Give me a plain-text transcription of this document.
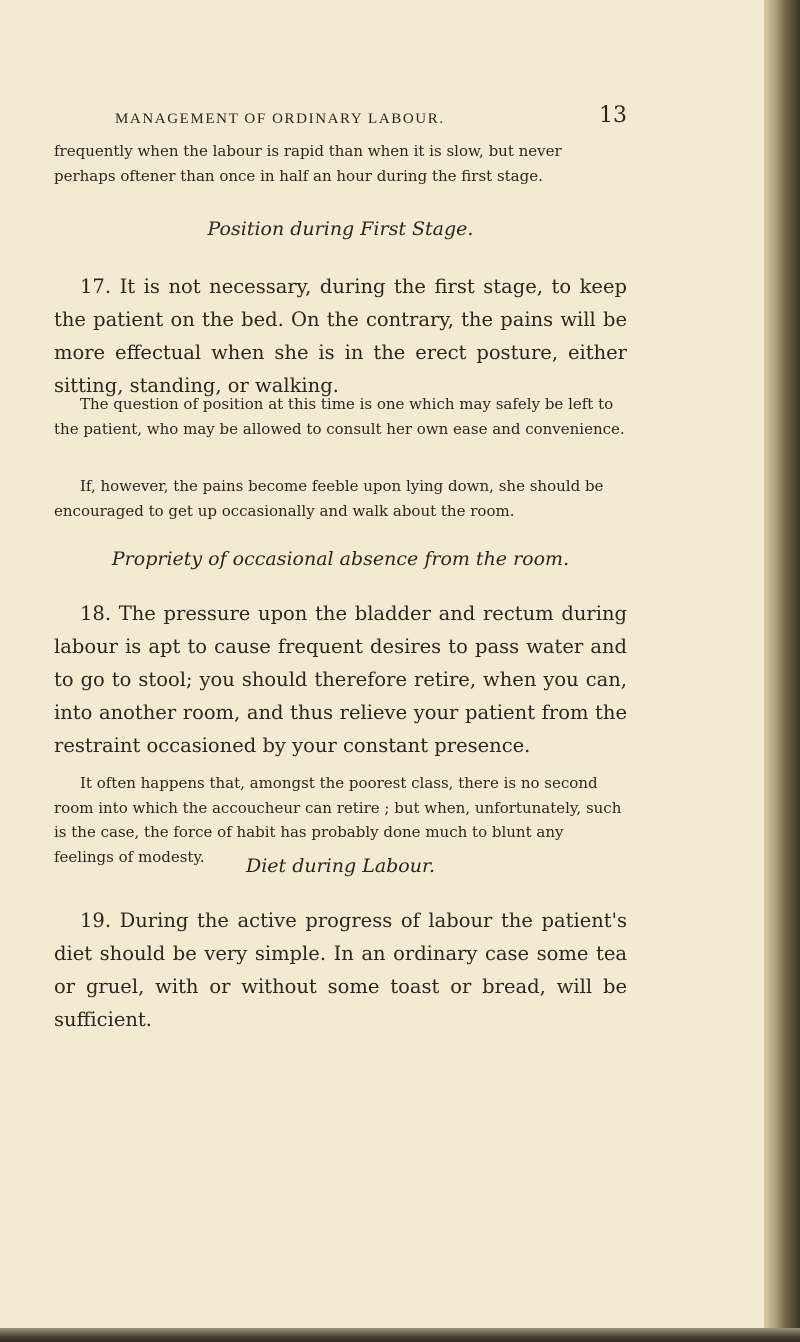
MANAGEMENT OF ORDINARY LABOUR.	13

frequently when the labour is rapid than when it is slow, but never perhaps oftener than once in half an hour during the first stage.

Position during First Stage.

17. It is not necessary, during the first stage, to keep the patient on the bed. On the contrary, the pains will be more effectual when she is in the erect posture, either sitting, standing, or walking.

The question of position at this time is one which may safely be left to the patient, who may be allowed to consult her own ease and convenience.

If, however, the pains become feeble upon lying down, she should be encouraged to get up occasionally and walk about the room.

Propriety of occasional absence from the room.

18. The pressure upon the bladder and rectum during labour is apt to cause frequent desires to pass water and to go to stool; you should therefore retire, when you can, into another room, and thus relieve your patient from the restraint occasioned by your constant presence.

It often happens that, amongst the poorest class, there is no second room into which the accoucheur can retire ; but when, unfortunately, such is the case, the force of habit has probably done much to blunt any feelings of modesty.	Diet during Labour.

19. During the active progress of labour the patient's diet should be very simple. In an ordinary case some tea or gruel, with or without some toast or bread, will be sufficient.
